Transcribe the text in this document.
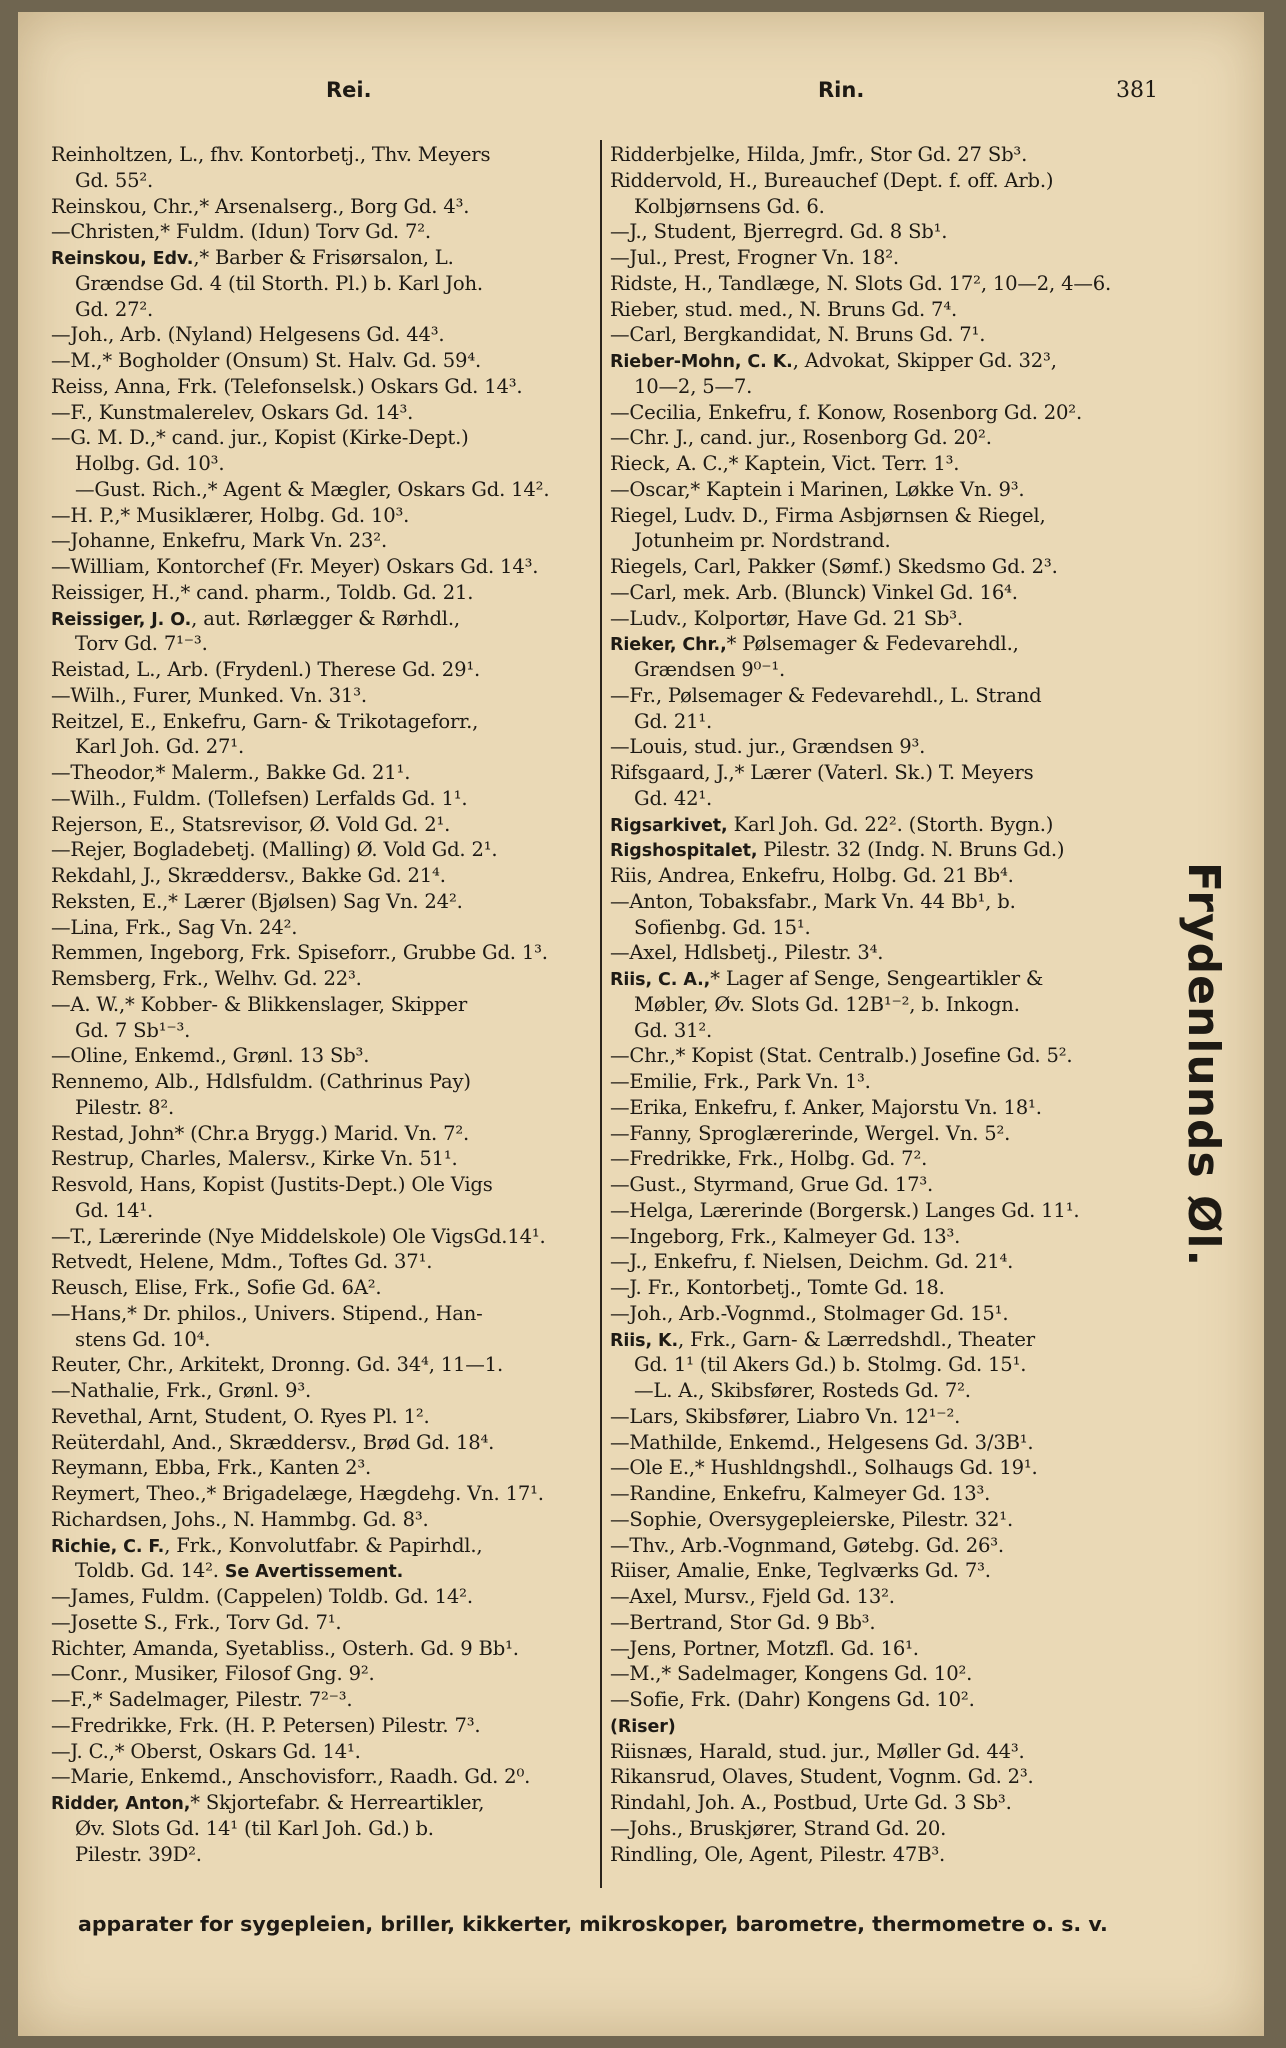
Rei.	Rin.	381
Reinholtzen, L., fhv. Kontorbetj., Thv. Meyers
Gd. 55².
Reinskou, Chr.,* Arsenalserg., Borg Gd. 4³.
—Christen,* Fuldm. (Idun) Torv Gd. 7².
Reinskou, Edv.,* Barber & Frisørsalon, L.
Grændse Gd. 4 (til Storth. Pl.) b. Karl Joh.
Gd. 27².
—Joh., Arb. (Nyland) Helgesens Gd. 44³.
—M.,* Bogholder (Onsum) St. Halv. Gd. 59⁴.
Reiss, Anna, Frk. (Telefonselsk.) Oskars Gd. 14³.
—F., Kunstmalerelev, Oskars Gd. 14³.
—G. M. D.,* cand. jur., Kopist (Kirke-Dept.)
Holbg. Gd. 10³.
—Gust. Rich.,* Agent & Mægler, Oskars Gd. 14².
—H. P.,* Musiklærer, Holbg. Gd. 10³.
—Johanne, Enkefru, Mark Vn. 23².
—William, Kontorchef (Fr. Meyer) Oskars Gd. 14³.
Reissiger, H.,* cand. pharm., Toldb. Gd. 21.
Reissiger, J. O., aut. Rørlægger & Rørhdl.,
Torv Gd. 7¹⁻³.
Reistad, L., Arb. (Frydenl.) Therese Gd. 29¹.
—Wilh., Furer, Munked. Vn. 31³.
Reitzel, E., Enkefru, Garn- & Trikotageforr.,
Karl Joh. Gd. 27¹.
—Theodor,* Malerm., Bakke Gd. 21¹.
—Wilh., Fuldm. (Tollefsen) Lerfalds Gd. 1¹.
Rejerson, E., Statsrevisor, Ø. Vold Gd. 2¹.
—Rejer, Bogladebetj. (Malling) Ø. Vold Gd. 2¹.
Rekdahl, J., Skræddersv., Bakke Gd. 21⁴.
Reksten, E.,* Lærer (Bjølsen) Sag Vn. 24².
—Lina, Frk., Sag Vn. 24².
Remmen, Ingeborg, Frk. Spiseforr., Grubbe Gd. 1³.
Remsberg, Frk., Welhv. Gd. 22³.
—A. W.,* Kobber- & Blikkenslager, Skipper
Gd. 7 Sb¹⁻³.
—Oline, Enkemd., Grønl. 13 Sb³.
Rennemo, Alb., Hdlsfuldm. (Cathrinus Pay)
Pilestr. 8².
Restad, John* (Chr.a Brygg.) Marid. Vn. 7².
Restrup, Charles, Malersv., Kirke Vn. 51¹.
Resvold, Hans, Kopist (Justits-Dept.) Ole Vigs
Gd. 14¹.
—T., Lærerinde (Nye Middelskole) Ole VigsGd.14¹.
Retvedt, Helene, Mdm., Toftes Gd. 37¹.
Reusch, Elise, Frk., Sofie Gd. 6A².
—Hans,* Dr. philos., Univers. Stipend., Han-
stens Gd. 10⁴.
Reuter, Chr., Arkitekt, Dronng. Gd. 34⁴, 11—1.
—Nathalie, Frk., Grønl. 9³.
Revethal, Arnt, Student, O. Ryes Pl. 1².
Reüterdahl, And., Skræddersv., Brød Gd. 18⁴.
Reymann, Ebba, Frk., Kanten 2³.
Reymert, Theo.,* Brigadelæge, Hægdehg. Vn. 17¹.
Richardsen, Johs., N. Hammbg. Gd. 8³.
Richie, C. F., Frk., Konvolutfabr. & Papirhdl.,
Toldb. Gd. 14². Se Avertissement.
—James, Fuldm. (Cappelen) Toldb. Gd. 14².
—Josette S., Frk., Torv Gd. 7¹.
Richter, Amanda, Syetabliss., Osterh. Gd. 9 Bb¹.
—Conr., Musiker, Filosof Gng. 9².
—F.,* Sadelmager, Pilestr. 7²⁻³.
—Fredrikke, Frk. (H. P. Petersen) Pilestr. 7³.
—J. C.,* Oberst, Oskars Gd. 14¹.
—Marie, Enkemd., Anschovisforr., Raadh. Gd. 2⁰.
Ridder, Anton,* Skjortefabr. & Herreartikler,
Øv. Slots Gd. 14¹ (til Karl Joh. Gd.) b.
Pilestr. 39D².
Ridderbjelke, Hilda, Jmfr., Stor Gd. 27 Sb³.
Riddervold, H., Bureauchef (Dept. f. off. Arb.)
Kolbjørnsens Gd. 6.
—J., Student, Bjerregrd. Gd. 8 Sb¹.
—Jul., Prest, Frogner Vn. 18².
Ridste, H., Tandlæge, N. Slots Gd. 17², 10—2, 4—6.
Rieber, stud. med., N. Bruns Gd. 7⁴.
—Carl, Bergkandidat, N. Bruns Gd. 7¹.
Rieber-Mohn, C. K., Advokat, Skipper Gd. 32³,
10—2, 5—7.
—Cecilia, Enkefru, f. Konow, Rosenborg Gd. 20².
—Chr. J., cand. jur., Rosenborg Gd. 20².
Rieck, A. C.,* Kaptein, Vict. Terr. 1³.
—Oscar,* Kaptein i Marinen, Løkke Vn. 9³.
Riegel, Ludv. D., Firma Asbjørnsen & Riegel,
Jotunheim pr. Nordstrand.
Riegels, Carl, Pakker (Sømf.) Skedsmo Gd. 2³.
—Carl, mek. Arb. (Blunck) Vinkel Gd. 16⁴.
—Ludv., Kolportør, Have Gd. 21 Sb³.
Rieker, Chr.,* Pølsemager & Fedevarehdl.,
Grændsen 9⁰⁻¹.
—Fr., Pølsemager & Fedevarehdl., L. Strand
Gd. 21¹.
—Louis, stud. jur., Grændsen 9³.
Rifsgaard, J.,* Lærer (Vaterl. Sk.) T. Meyers
Gd. 42¹.
Rigsarkivet, Karl Joh. Gd. 22². (Storth. Bygn.)
Rigshospitalet, Pilestr. 32 (Indg. N. Bruns Gd.)
Riis, Andrea, Enkefru, Holbg. Gd. 21 Bb⁴.
—Anton, Tobaksfabr., Mark Vn. 44 Bb¹, b.
Sofienbg. Gd. 15¹.
—Axel, Hdlsbetj., Pilestr. 3⁴.
Riis, C. A.,* Lager af Senge, Sengeartikler &
Møbler, Øv. Slots Gd. 12B¹⁻², b. Inkogn.
Gd. 31².
—Chr.,* Kopist (Stat. Centralb.) Josefine Gd. 5².
—Emilie, Frk., Park Vn. 1³.
—Erika, Enkefru, f. Anker, Majorstu Vn. 18¹.
—Fanny, Sproglærerinde, Wergel. Vn. 5².
—Fredrikke, Frk., Holbg. Gd. 7².
—Gust., Styrmand, Grue Gd. 17³.
—Helga, Lærerinde (Borgersk.) Langes Gd. 11¹.
—Ingeborg, Frk., Kalmeyer Gd. 13³.
—J., Enkefru, f. Nielsen, Deichm. Gd. 21⁴.
—J. Fr., Kontorbetj., Tomte Gd. 18.
—Joh., Arb.-Vognmd., Stolmager Gd. 15¹.
Riis, K., Frk., Garn- & Lærredshdl., Theater
Gd. 1¹ (til Akers Gd.) b. Stolmg. Gd. 15¹.
—L. A., Skibsfører, Rosteds Gd. 7².
—Lars, Skibsfører, Liabro Vn. 12¹⁻².
—Mathilde, Enkemd., Helgesens Gd. 3/3B¹.
—Ole E.,* Hushldngshdl., Solhaugs Gd. 19¹.
—Randine, Enkefru, Kalmeyer Gd. 13³.
—Sophie, Oversygepleierske, Pilestr. 32¹.
—Thv., Arb.-Vognmand, Gøtebg. Gd. 26³.
Riiser, Amalie, Enke, Teglværks Gd. 7³.
—Axel, Mursv., Fjeld Gd. 13².
—Bertrand, Stor Gd. 9 Bb³.
—Jens, Portner, Motzfl. Gd. 16¹.
—M.,* Sadelmager, Kongens Gd. 10².
—Sofie, Frk. (Dahr) Kongens Gd. 10².
(Riser)
Riisnæs, Harald, stud. jur., Møller Gd. 44³.
Rikansrud, Olaves, Student, Vognm. Gd. 2³.
Rindahl, Joh. A., Postbud, Urte Gd. 3 Sb³.
—Johs., Bruskjører, Strand Gd. 20.
Rindling, Ole, Agent, Pilestr. 47B³.
Frydenlunds Øl.
apparater for sygepleien, briller, kikkerter, mikroskoper, barometre, thermometre o. s. v.
